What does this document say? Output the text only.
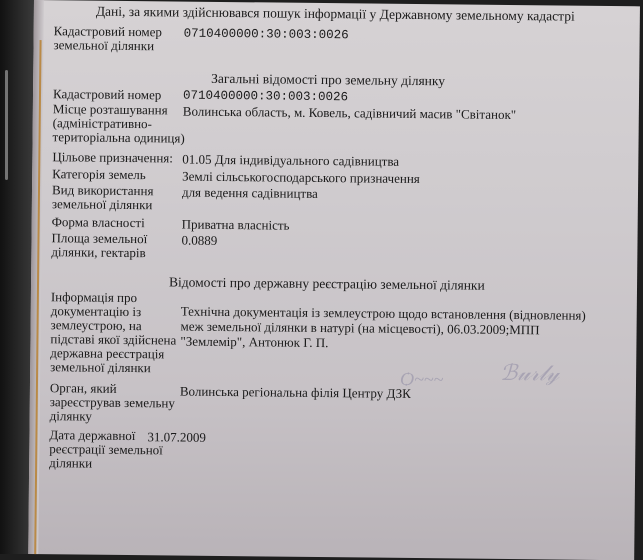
ℬ𝓊𝓇𝓁𝓎
Ѻ~~~
Дані, за якими здійснювався пошук інформації у Державному земельному кадастрі
Кадастровий номер
земельної ділянки
0710400000:30:003:0026
Загальні відомості про земельну ділянку
Кадастровий номер 0710400000:30:003:0026
Місце розташування
(адміністративно-
територіальна одиниця)
Волинська область, м. Ковель, садівничий масив "Світанок"
Цільове призначення: 01.05 Для індивідуального садівництва
Категорія земель	Землі сільськогосподарського призначення
Вид використання
земельної ділянки
для ведення садівництва
Форма власності	Приватна власність
Площа земельної
ділянки, гектарів
0.0889
Відомості про державну реєстрацію земельної ділянки
Інформація про
документацію із
землеустрою, на
підставі якої здійснена
державна реєстрація
земельної ділянки
Технічна документація із землеустрою щодо встановлення (відновлення)
меж земельної ділянки в натурі (на місцевості), 06.03.2009;МПП
"Землемір", Антонюк Г. П.
Орган, який
зареєстрував земельну
ділянку
Волинська регіональна філія Центру ДЗК
Дата державної
реєстрації земельної
ділянки
31.07.2009
